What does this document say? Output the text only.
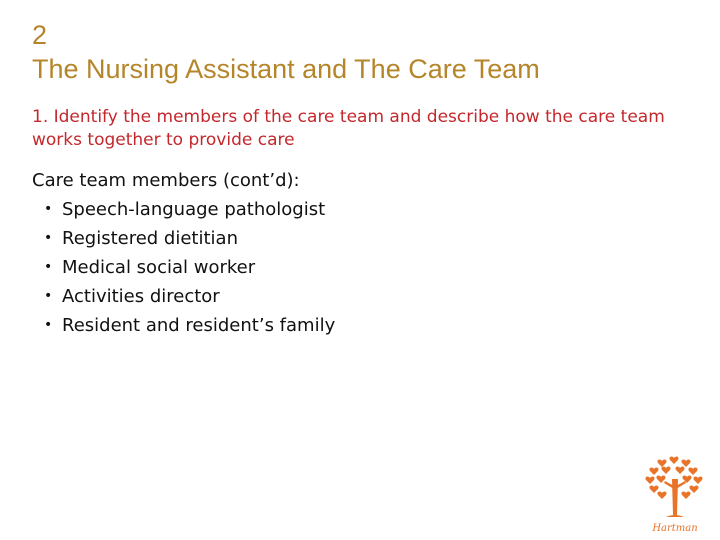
2
The Nursing Assistant and The Care Team
1. Identify the members of the care team and describe how the care team works together to provide care
Care team members (cont’d):
• Speech-language pathologist
• Registered dietitian
• Medical social worker
• Activities director
• Resident and resident’s family
Hartman
